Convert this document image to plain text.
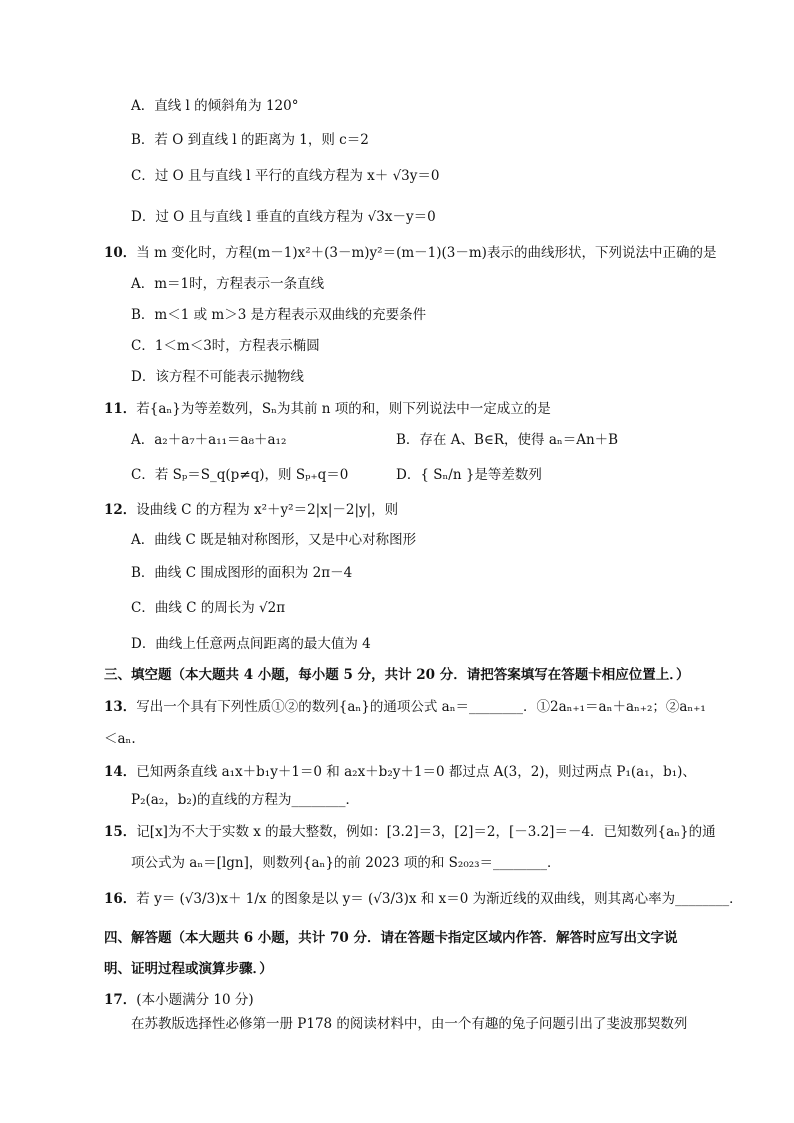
A．直线 l 的倾斜角为 120°
B．若 O 到直线 l 的距离为 1，则 c＝2
C．过 O 且与直线 l 平行的直线方程为 x＋ √3y＝0
D．过 O 且与直线 l 垂直的直线方程为 √3x－y＝0
10．当 m 变化时，方程(m－1)x²＋(3－m)y²＝(m－1)(3－m)表示的曲线形状，下列说法中正确的是
A．m＝1时，方程表示一条直线
B．m＜1 或 m＞3 是方程表示双曲线的充要条件
C．1＜m＜3时，方程表示椭圆
D．该方程不可能表示抛物线
11．若{aₙ}为等差数列，Sₙ为其前 n 项的和，则下列说法中一定成立的是
A．a₂＋a₇＋a₁₁＝a₈＋a₁₂	B．存在 A、B∈R，使得 aₙ＝An＋B
C．若 Sₚ＝S_q(p≠q)，则 Sₚ₊q＝0	D．{ Sₙ/n }是等差数列
12．设曲线 C 的方程为 x²＋y²＝2|x|－2|y|，则
A．曲线 C 既是轴对称图形，又是中心对称图形
B．曲线 C 围成图形的面积为 2π－4
C．曲线 C 的周长为 √2π
D．曲线上任意两点间距离的最大值为 4
三、填空题（本大题共 4 小题，每小题 5 分，共计 20 分．请把答案填写在答题卡相应位置上．）
13．写出一个具有下列性质①②的数列{aₙ}的通项公式 aₙ＝________．①2aₙ₊₁＝aₙ＋aₙ₊₂；②aₙ₊₁
＜aₙ.
14．已知两条直线 a₁x＋b₁y＋1＝0 和 a₂x＋b₂y＋1＝0 都过点 A(3，2)，则过两点 P₁(a₁，b₁)、
P₂(a₂，b₂)的直线的方程为________．
15．记[x]为不大于实数 x 的最大整数，例如：[3.2]＝3，[2]＝2，[－3.2]＝－4．已知数列{aₙ}的通
项公式为 aₙ＝[lgn]，则数列{aₙ}的前 2023 项的和 S₂₀₂₃＝________．
16．若 y＝ (√3/3)x＋ 1/x 的图象是以 y＝ (√3/3)x 和 x＝0 为渐近线的双曲线，则其离心率为________．
四、解答题（本大题共 6 小题，共计 70 分．请在答题卡指定区域内作答．解答时应写出文字说
明、证明过程或演算步骤．）
17．(本小题满分 10 分)
在苏教版选择性必修第一册 P178 的阅读材料中，由一个有趣的兔子问题引出了斐波那契数列
